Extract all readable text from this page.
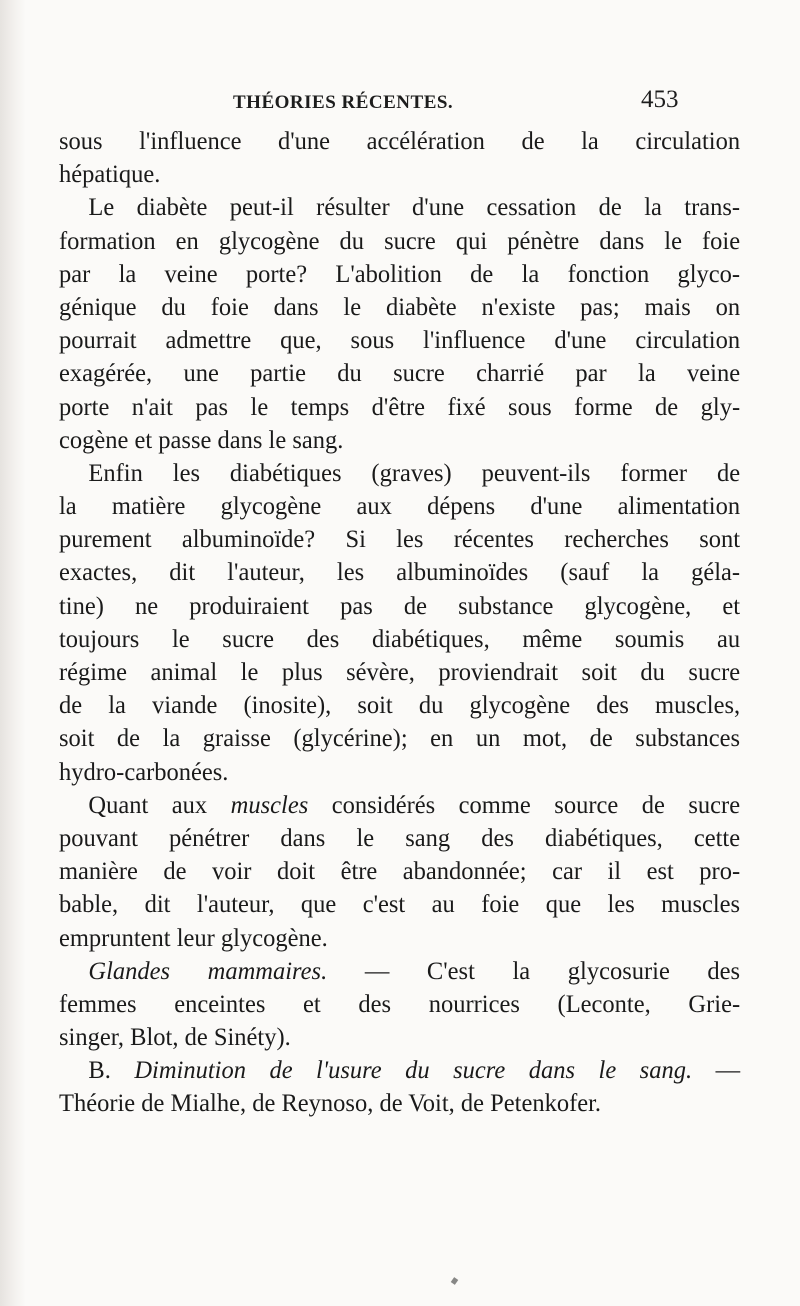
THÉORIES RÉCENTES.	453
sous l'influence d'une accélération de la circulation
hépatique.
Le diabète peut-il résulter d'une cessation de la trans-
formation en glycogène du sucre qui pénètre dans le foie
par la veine porte? L'abolition de la fonction glyco-
génique du foie dans le diabète n'existe pas; mais on
pourrait admettre que, sous l'influence d'une circulation
exagérée, une partie du sucre charrié par la veine
porte n'ait pas le temps d'être fixé sous forme de gly-
cogène et passe dans le sang.
Enfin les diabétiques (graves) peuvent-ils former de
la matière glycogène aux dépens d'une alimentation
purement albuminoïde? Si les récentes recherches sont
exactes, dit l'auteur, les albuminoïdes (sauf la géla-
tine) ne produiraient pas de substance glycogène, et
toujours le sucre des diabétiques, même soumis au
régime animal le plus sévère, proviendrait soit du sucre
de la viande (inosite), soit du glycogène des muscles,
soit de la graisse (glycérine); en un mot, de substances
hydro-carbonées.
Quant aux muscles considérés comme source de sucre
pouvant pénétrer dans le sang des diabétiques, cette
manière de voir doit être abandonnée; car il est pro-
bable, dit l'auteur, que c'est au foie que les muscles
empruntent leur glycogène.
Glandes mammaires. — C'est la glycosurie des
femmes enceintes et des nourrices (Leconte, Grie-
singer, Blot, de Sinéty).
B. Diminution de l'usure du sucre dans le sang. —
Théorie de Mialhe, de Reynoso, de Voit, de Petenkofer.
